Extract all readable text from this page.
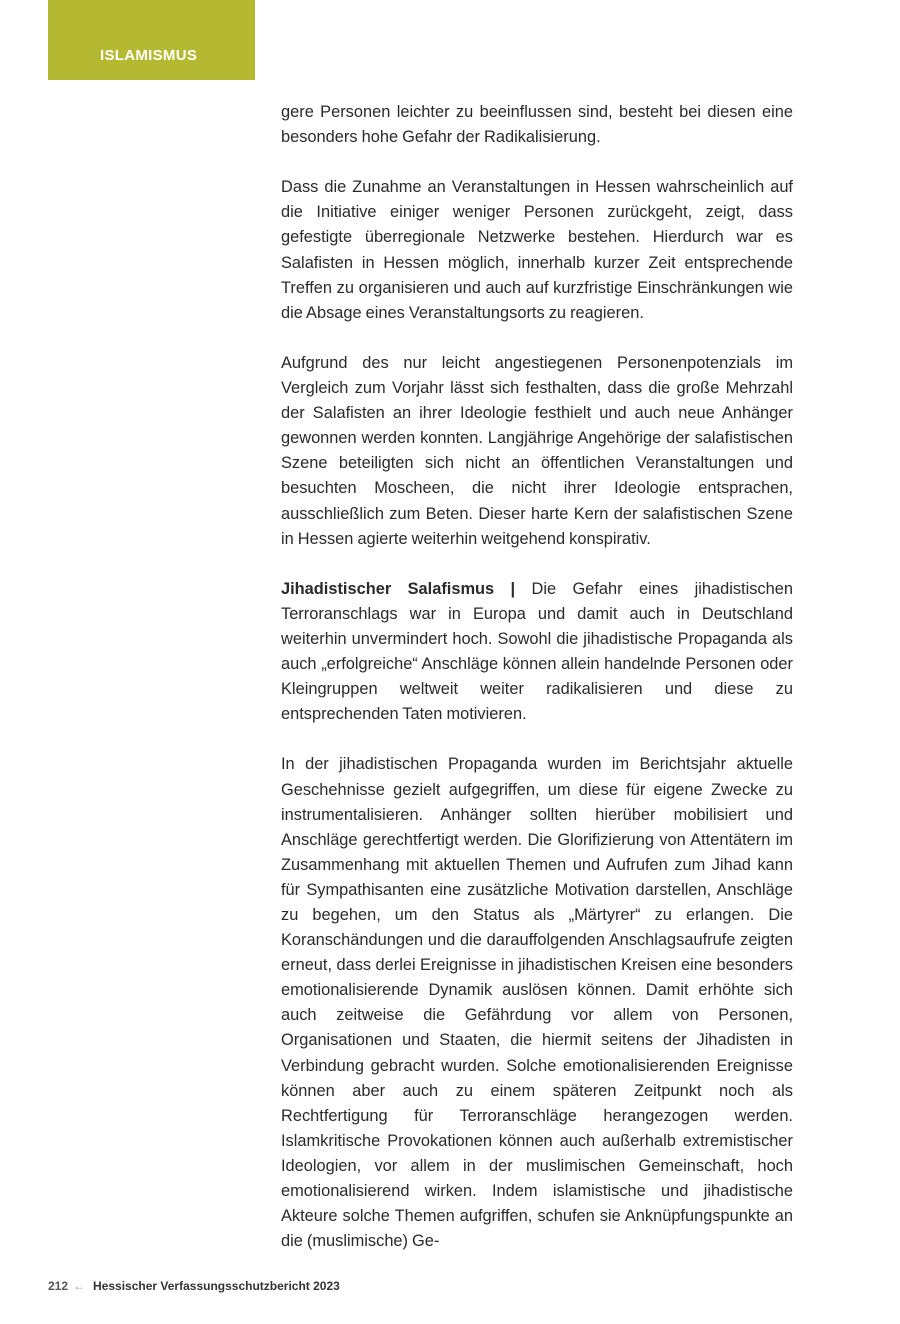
ISLAMISMUS

gere Personen leichter zu beeinflussen sind, besteht bei diesen eine besonders hohe Gefahr der Radikalisierung.

Dass die Zunahme an Veranstaltungen in Hessen wahrscheinlich auf die Initiative einiger weniger Personen zurückgeht, zeigt, dass gefestigte überregionale Netzwerke bestehen. Hierdurch war es Salafisten in Hessen möglich, innerhalb kurzer Zeit entsprechende Treffen zu organisieren und auch auf kurzfristige Einschränkungen wie die Absage eines Veranstaltungsorts zu reagieren.

Aufgrund des nur leicht angestiegenen Personenpotenzials im Vergleich zum Vorjahr lässt sich festhalten, dass die große Mehrzahl der Salafisten an ihrer Ideologie festhielt und auch neue Anhänger gewonnen werden konnten. Langjährige Angehörige der salafistischen Szene beteiligten sich nicht an öffentlichen Veranstaltungen und besuchten Moscheen, die nicht ihrer Ideologie entsprachen, ausschließlich zum Beten. Dieser harte Kern der salafistischen Szene in Hessen agierte weiterhin weitgehend konspirativ.

Jihadistischer Salafismus | Die Gefahr eines jihadistischen Terroranschlags war in Europa und damit auch in Deutschland weiterhin unvermindert hoch. Sowohl die jihadistische Propaganda als auch „erfolgreiche“ Anschläge können allein handelnde Personen oder Kleingruppen weltweit weiter radikalisieren und diese zu entsprechenden Taten motivieren.

In der jihadistischen Propaganda wurden im Berichtsjahr aktuelle Geschehnisse gezielt aufgegriffen, um diese für eigene Zwecke zu instrumentalisieren. Anhänger sollten hierüber mobilisiert und Anschläge gerechtfertigt werden. Die Glorifizierung von Attentätern im Zusammenhang mit aktuellen Themen und Aufrufen zum Jihad kann für Sympathisanten eine zusätzliche Motivation darstellen, Anschläge zu begehen, um den Status als „Märtyrer“ zu erlangen. Die Koranschändungen und die darauffolgenden Anschlagsaufrufe zeigten erneut, dass derlei Ereignisse in jihadistischen Kreisen eine besonders emotionalisierende Dynamik auslösen können. Damit erhöhte sich auch zeitweise die Gefährdung vor allem von Personen, Organisationen und Staaten, die hiermit seitens der Jihadisten in Verbindung gebracht wurden. Solche emotionalisierenden Ereignisse können aber auch zu einem späteren Zeitpunkt noch als Rechtfertigung für Terroranschläge herangezogen werden. Islamkritische Provokationen können auch außerhalb extremistischer Ideologien, vor allem in der muslimischen Gemeinschaft, hoch emotionalisierend wirken. Indem islamistische und jihadistische Akteure solche Themen aufgriffen, schufen sie Anknüpfungspunkte an die (muslimische) Ge-

212 ← Hessischer Verfassungsschutzbericht 2023
